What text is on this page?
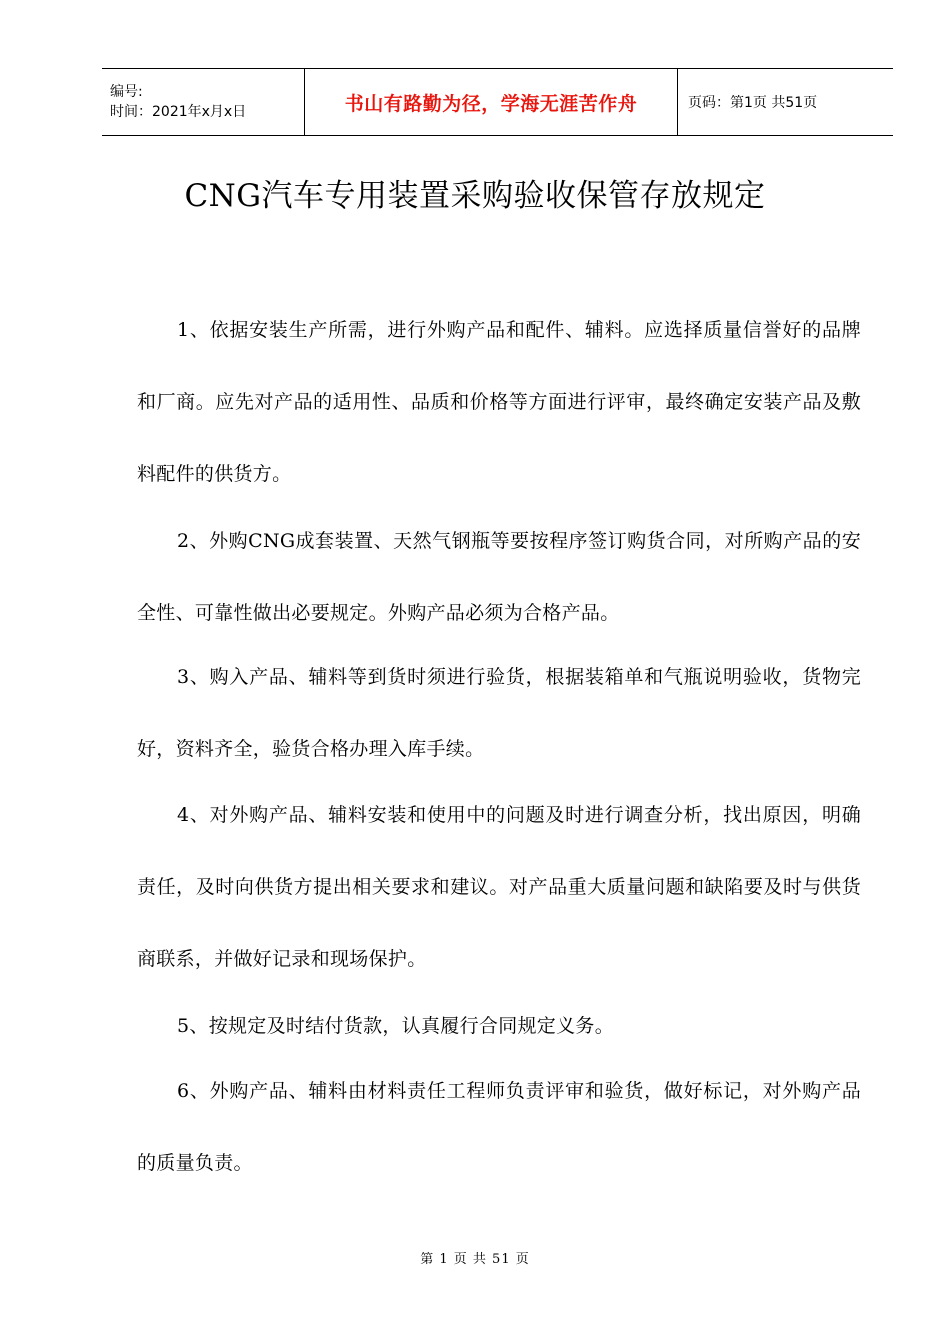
编号:
时间：2021年x月x日	书山有路勤为径，学海无涯苦作舟	页码：第1页 共51页
CNG汽车专用装置采购验收保管存放规定

1、依据安装生产所需，进行外购产品和配件、辅料。应选择质量信誉好的品牌和厂商。应先对产品的适用性、品质和价格等方面进行评审，最终确定安装产品及敷料配件的供货方。

2、外购CNG成套装置、天然气钢瓶等要按程序签订购货合同，对所购产品的安全性、可靠性做出必要规定。外购产品必须为合格产品。

3、购入产品、辅料等到货时须进行验货，根据装箱单和气瓶说明验收，货物完好，资料齐全，验货合格办理入库手续。

4、对外购产品、辅料安装和使用中的问题及时进行调查分析，找出原因，明确责任，及时向供货方提出相关要求和建议。对产品重大质量问题和缺陷要及时与供货商联系，并做好记录和现场保护。

5、按规定及时结付货款，认真履行合同规定义务。

6、外购产品、辅料由材料责任工程师负责评审和验货，做好标记，对外购产品的质量负责。

第 1 页 共 51 页
